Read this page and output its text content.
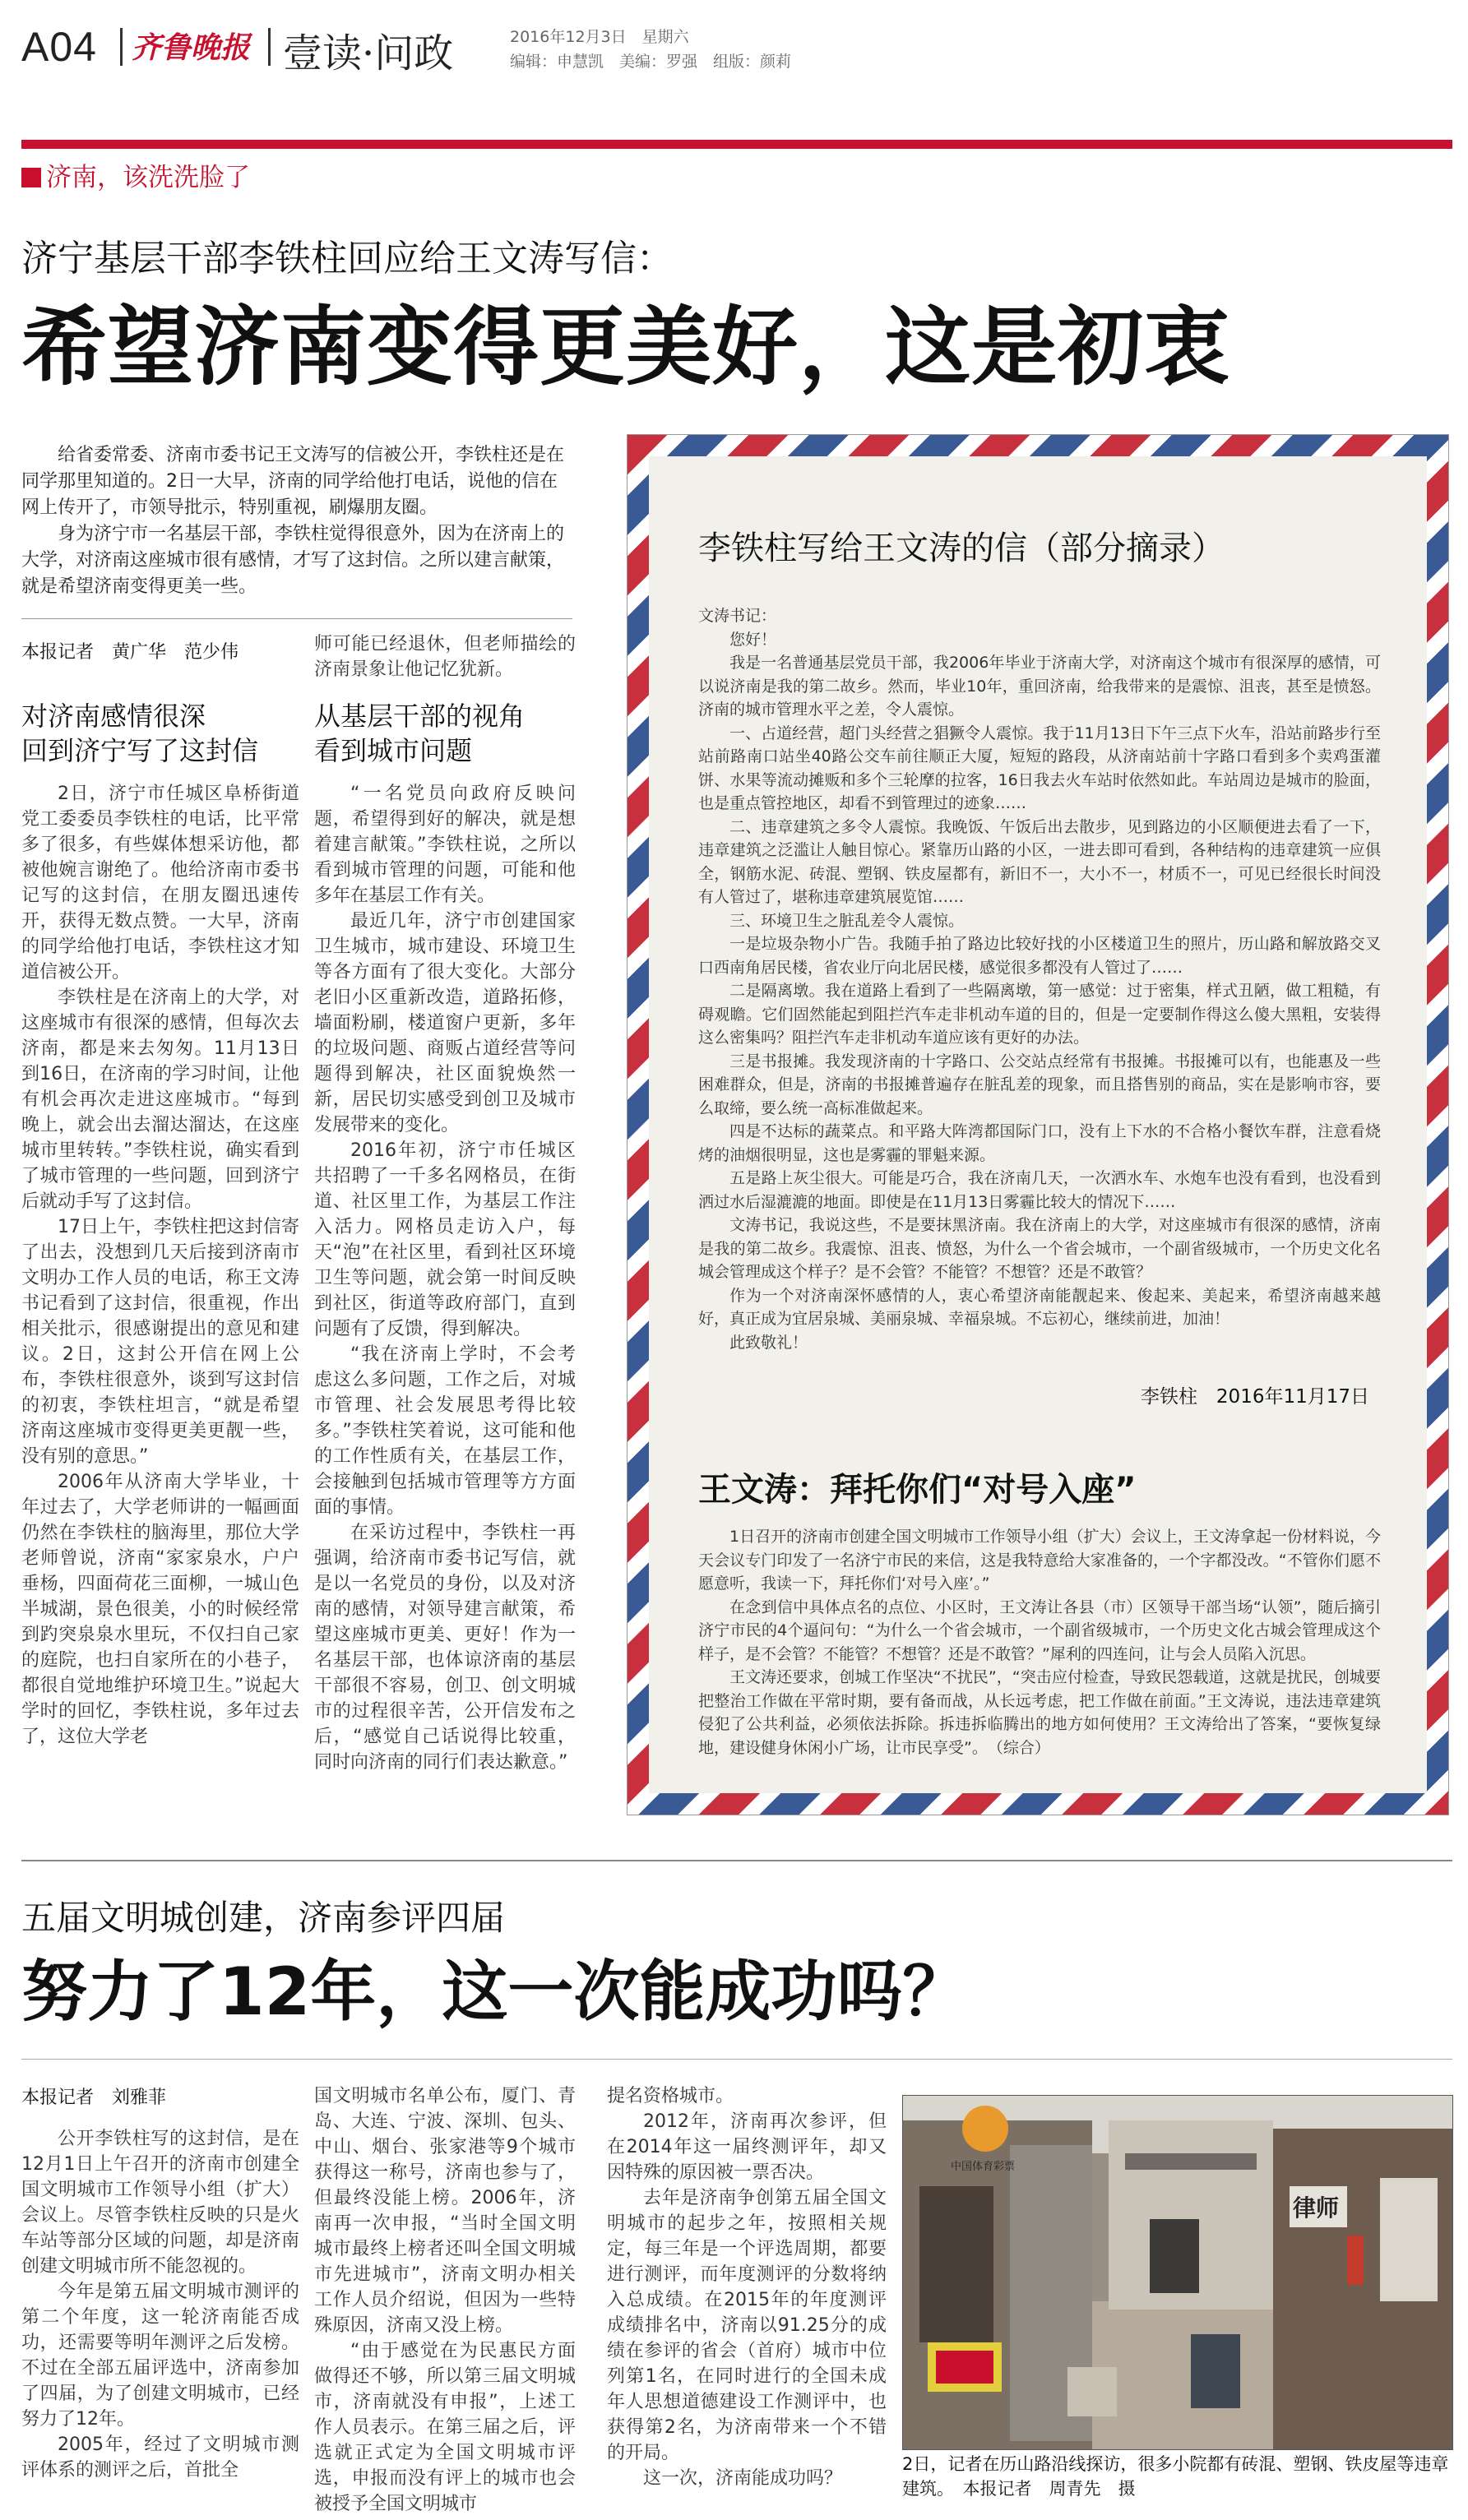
A04 齐鲁晚报 壹读·问政	2016年12月3日　星期六
编辑：申慧凯　美编：罗强　组版：颜莉
济南，该洗洗脸了
济宁基层干部李铁柱回应给王文涛写信：
希望济南变得更美好，这是初衷

给省委常委、济南市委书记王文涛写的信被公开，李铁柱还是在同学那里知道的。2日一大早，济南的同学给他打电话，说他的信在网上传开了，市领导批示，特别重视，刷爆朋友圈。

身为济宁市一名基层干部，李铁柱觉得很意外，因为在济南上的大学，对济南这座城市很有感情，才写了这封信。之所以建言献策，就是希望济南变得更美一些。

本报记者　黄广华　范少伟
对济南感情很深
回到济宁写了这封信

2日，济宁市任城区阜桥街道党工委委员李铁柱的电话，比平常多了很多，有些媒体想采访他，都被他婉言谢绝了。他给济南市委书记写的这封信，在朋友圈迅速传开，获得无数点赞。一大早，济南的同学给他打电话，李铁柱这才知道信被公开。

李铁柱是在济南上的大学，对这座城市有很深的感情，但每次去济南，都是来去匆匆。11月13日到16日，在济南的学习时间，让他有机会再次走进这座城市。“每到晚上，就会出去溜达溜达，在这座城市里转转。”李铁柱说，确实看到了城市管理的一些问题，回到济宁后就动手写了这封信。

17日上午，李铁柱把这封信寄了出去，没想到几天后接到济南市文明办工作人员的电话，称王文涛书记看到了这封信，很重视，作出相关批示，很感谢提出的意见和建议。2日，这封公开信在网上公布，李铁柱很意外，谈到写这封信的初衷，李铁柱坦言，“就是希望济南这座城市变得更美更靓一些，没有别的意思。”

2006年从济南大学毕业，十年过去了，大学老师讲的一幅画面仍然在李铁柱的脑海里，那位大学老师曾说，济南“家家泉水，户户垂杨，四面荷花三面柳，一城山色半城湖，景色很美，小的时候经常到趵突泉泉水里玩，不仅扫自己家的庭院，也扫自家所在的小巷子，都很自觉地维护环境卫生。”说起大学时的回忆，李铁柱说，多年过去了，这位大学老

师可能已经退休，但老师描绘的济南景象让他记忆犹新。

从基层干部的视角
看到城市问题

“一名党员向政府反映问题，希望得到好的解决，就是想着建言献策。”李铁柱说，之所以看到城市管理的问题，可能和他多年在基层工作有关。

最近几年，济宁市创建国家卫生城市，城市建设、环境卫生等各方面有了很大变化。大部分老旧小区重新改造，道路拓修，墙面粉刷，楼道窗户更新，多年的垃圾问题、商贩占道经营等问题得到解决，社区面貌焕然一新，居民切实感受到创卫及城市发展带来的变化。

2016年初，济宁市任城区共招聘了一千多名网格员，在街道、社区里工作，为基层工作注入活力。网格员走访入户，每天“泡”在社区里，看到社区环境卫生等问题，就会第一时间反映到社区，街道等政府部门，直到问题有了反馈，得到解决。

“我在济南上学时，不会考虑这么多问题，工作之后，对城市管理、社会发展思考得比较多。”李铁柱笑着说，这可能和他的工作性质有关，在基层工作，会接触到包括城市管理等方方面面的事情。

在采访过程中，李铁柱一再强调，给济南市委书记写信，就是以一名党员的身份，以及对济南的感情，对领导建言献策，希望这座城市更美、更好！作为一名基层干部，也体谅济南的基层干部很不容易，创卫、创文明城市的过程很辛苦，公开信发布之后，“感觉自己话说得比较重，同时向济南的同行们表达歉意。”

李铁柱写给王文涛的信（部分摘录）

文涛书记：

您好！

我是一名普通基层党员干部，我2006年毕业于济南大学，对济南这个城市有很深厚的感情，可以说济南是我的第二故乡。然而，毕业10年，重回济南，给我带来的是震惊、沮丧，甚至是愤怒。济南的城市管理水平之差，令人震惊。

一、占道经营，超门头经营之猖獗令人震惊。我于11月13日下午三点下火车，沿站前路步行至站前路南口站坐40路公交车前往顺正大厦，短短的路段，从济南站前十字路口看到多个卖鸡蛋灌饼、水果等流动摊贩和多个三轮摩的拉客，16日我去火车站时依然如此。车站周边是城市的脸面，也是重点管控地区，却看不到管理过的迹象……

二、违章建筑之多令人震惊。我晚饭、午饭后出去散步，见到路边的小区顺便进去看了一下，违章建筑之泛滥让人触目惊心。紧靠历山路的小区，一进去即可看到，各种结构的违章建筑一应俱全，钢筋水泥、砖混、塑钢、铁皮屋都有，新旧不一，大小不一，材质不一，可见已经很长时间没有人管过了，堪称违章建筑展览馆……

三、环境卫生之脏乱差令人震惊。

一是垃圾杂物小广告。我随手拍了路边比较好找的小区楼道卫生的照片，历山路和解放路交叉口西南角居民楼，省农业厅向北居民楼，感觉很多都没有人管过了……

二是隔离墩。我在道路上看到了一些隔离墩，第一感觉：过于密集，样式丑陋，做工粗糙，有碍观瞻。它们固然能起到阻拦汽车走非机动车道的目的，但是一定要制作得这么傻大黑粗，安装得这么密集吗？阻拦汽车走非机动车道应该有更好的办法。

三是书报摊。我发现济南的十字路口、公交站点经常有书报摊。书报摊可以有，也能惠及一些困难群众，但是，济南的书报摊普遍存在脏乱差的现象，而且搭售别的商品，实在是影响市容，要么取缔，要么统一高标准做起来。

四是不达标的蔬菜点。和平路大阵湾都国际门口，没有上下水的不合格小餐饮车群，注意看烧烤的油烟很明显，这也是雾霾的罪魁来源。

五是路上灰尘很大。可能是巧合，我在济南几天，一次洒水车、水炮车也没有看到，也没看到洒过水后湿漉漉的地面。即使是在11月13日雾霾比较大的情况下……

文涛书记，我说这些，不是要抹黑济南。我在济南上的大学，对这座城市有很深的感情，济南是我的第二故乡。我震惊、沮丧、愤怒，为什么一个省会城市，一个副省级城市，一个历史文化名城会管理成这个样子？是不会管？不能管？不想管？还是不敢管？

作为一个对济南深怀感情的人，衷心希望济南能靓起来、俊起来、美起来，希望济南越来越好，真正成为宜居泉城、美丽泉城、幸福泉城。不忘初心，继续前进，加油！

此致敬礼！

李铁柱　2016年11月17日
王文涛：拜托你们“对号入座”

1日召开的济南市创建全国文明城市工作领导小组（扩大）会议上，王文涛拿起一份材料说，今天会议专门印发了一名济宁市民的来信，这是我特意给大家准备的，一个字都没改。“不管你们愿不愿意听，我读一下，拜托你们‘对号入座’。”

在念到信中具体点名的点位、小区时，王文涛让各县（市）区领导干部当场“认领”，随后摘引济宁市民的4个逼问句：“为什么一个省会城市，一个副省级城市，一个历史文化古城会管理成这个样子，是不会管？不能管？不想管？还是不敢管？”犀利的四连问，让与会人员陷入沉思。

王文涛还要求，创城工作坚决“不扰民”，“突击应付检查，导致民怨载道，这就是扰民，创城要把整治工作做在平常时期，要有备而战，从长远考虑，把工作做在前面。”王文涛说，违法违章建筑侵犯了公共利益，必须依法拆除。拆违拆临腾出的地方如何使用？王文涛给出了答案，“要恢复绿地，建设健身休闲小广场，让市民享受”。　（综合）

五届文明城创建，济南参评四届
努力了12年，这一次能成功吗？
本报记者　刘雅菲

公开李铁柱写的这封信，是在12月1日上午召开的济南市创建全国文明城市工作领导小组（扩大）会议上。尽管李铁柱反映的只是火车站等部分区域的问题，却是济南创建文明城市所不能忽视的。

今年是第五届文明城市测评的第二个年度，这一轮济南能否成功，还需要等明年测评之后发榜。不过在全部五届评选中，济南参加了四届，为了创建文明城市，已经努力了12年。

2005年，经过了文明城市测评体系的测评之后，首批全

国文明城市名单公布，厦门、青岛、大连、宁波、深圳、包头、中山、烟台、张家港等9个城市获得这一称号，济南也参与了，但最终没能上榜。2006年，济南再一次申报，“当时全国文明城市最终上榜者还叫全国文明城市先进城市”，济南文明办相关工作人员介绍说，但因为一些特殊原因，济南又没上榜。

“由于感觉在为民惠民方面做得还不够，所以第三届文明城市，济南就没有申报”，上述工作人员表示。在第三届之后，评选就正式定为全国文明城市评选，申报而没有评上的城市也会被授予全国文明城市

提名资格城市。

2012年，济南再次参评，但在2014年这一届终测评年，却又因特殊的原因被一票否决。

去年是济南争创第五届全国文明城市的起步之年，按照相关规定，每三年是一个评选周期，都要进行测评，而年度测评的分数将纳入总成绩。在2015年的年度测评成绩排名中，济南以91.25分的成绩在参评的省会（首府）城市中位列第1名，在同时进行的全国未成年人思想道德建设工作测评中，也获得第2名，为济南带来一个不错的开局。

这一次，济南能成功吗？

律师
中国体育彩票
2日，记者在历山路沿线探访，很多小院都有砖混、塑钢、铁皮屋等违章建筑。　本报记者　周青先　摄
